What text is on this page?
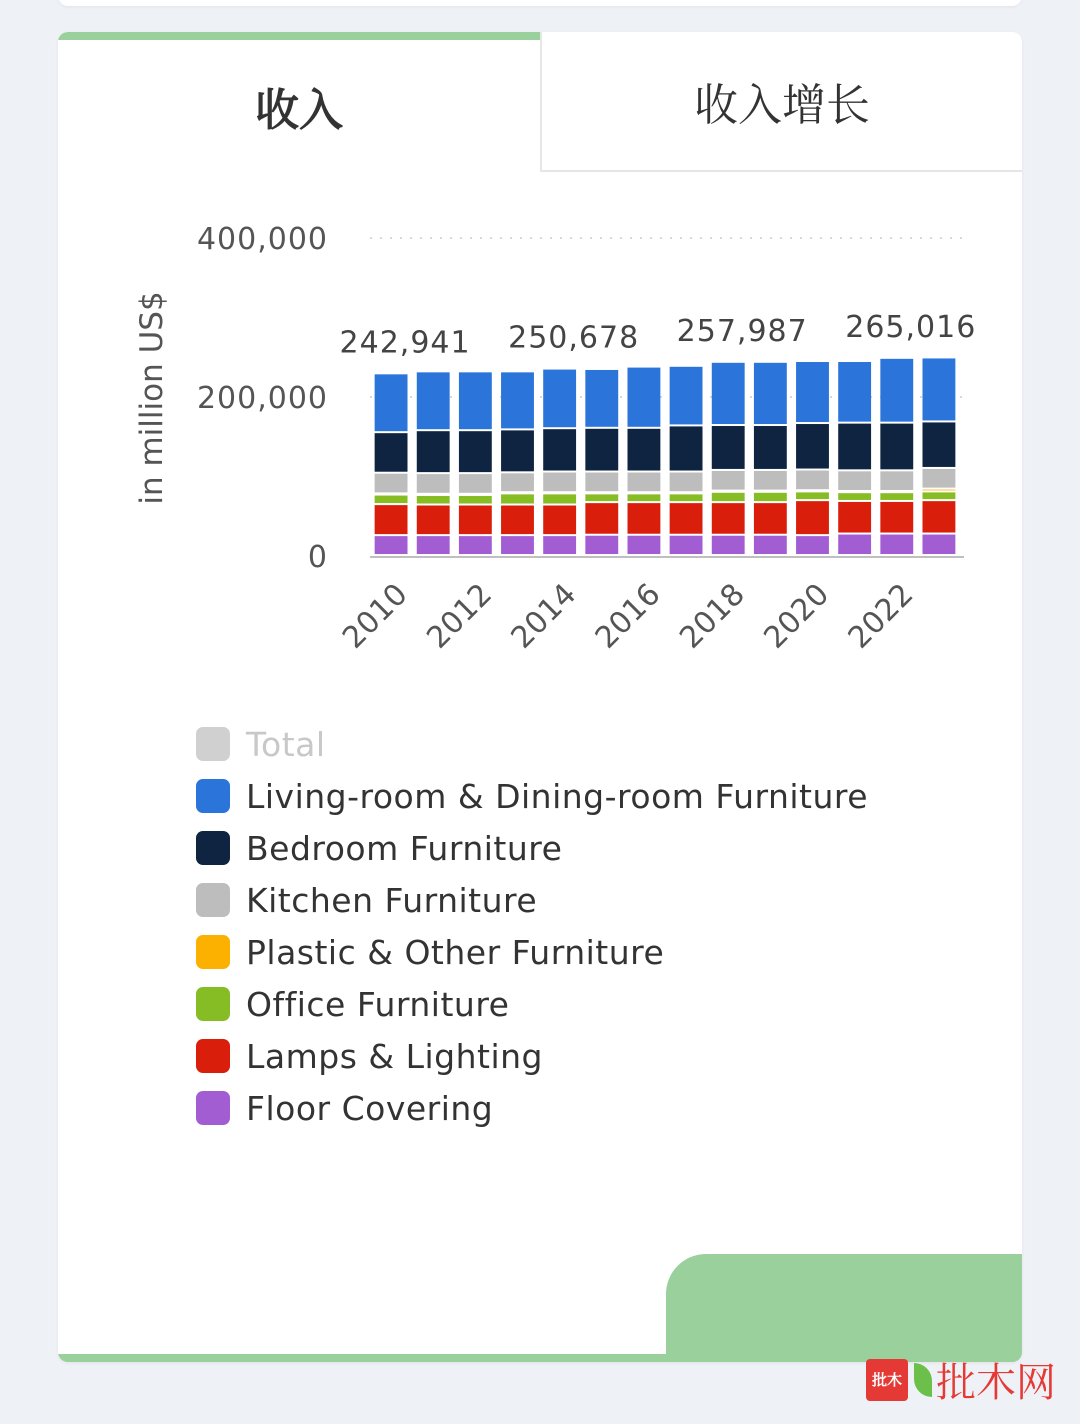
收入	收入增长
0
200,000
400,000
in million US$	242,941 250,678 257,987 265,016
2010 2012 2014 2016 2018 2020 2022
Total
Living-room & Dining-room Furniture
Bedroom Furniture
Kitchen Furniture
Plastic & Other Furniture
Office Furniture
Lamps & Lighting
Floor Covering
批木 批木网
